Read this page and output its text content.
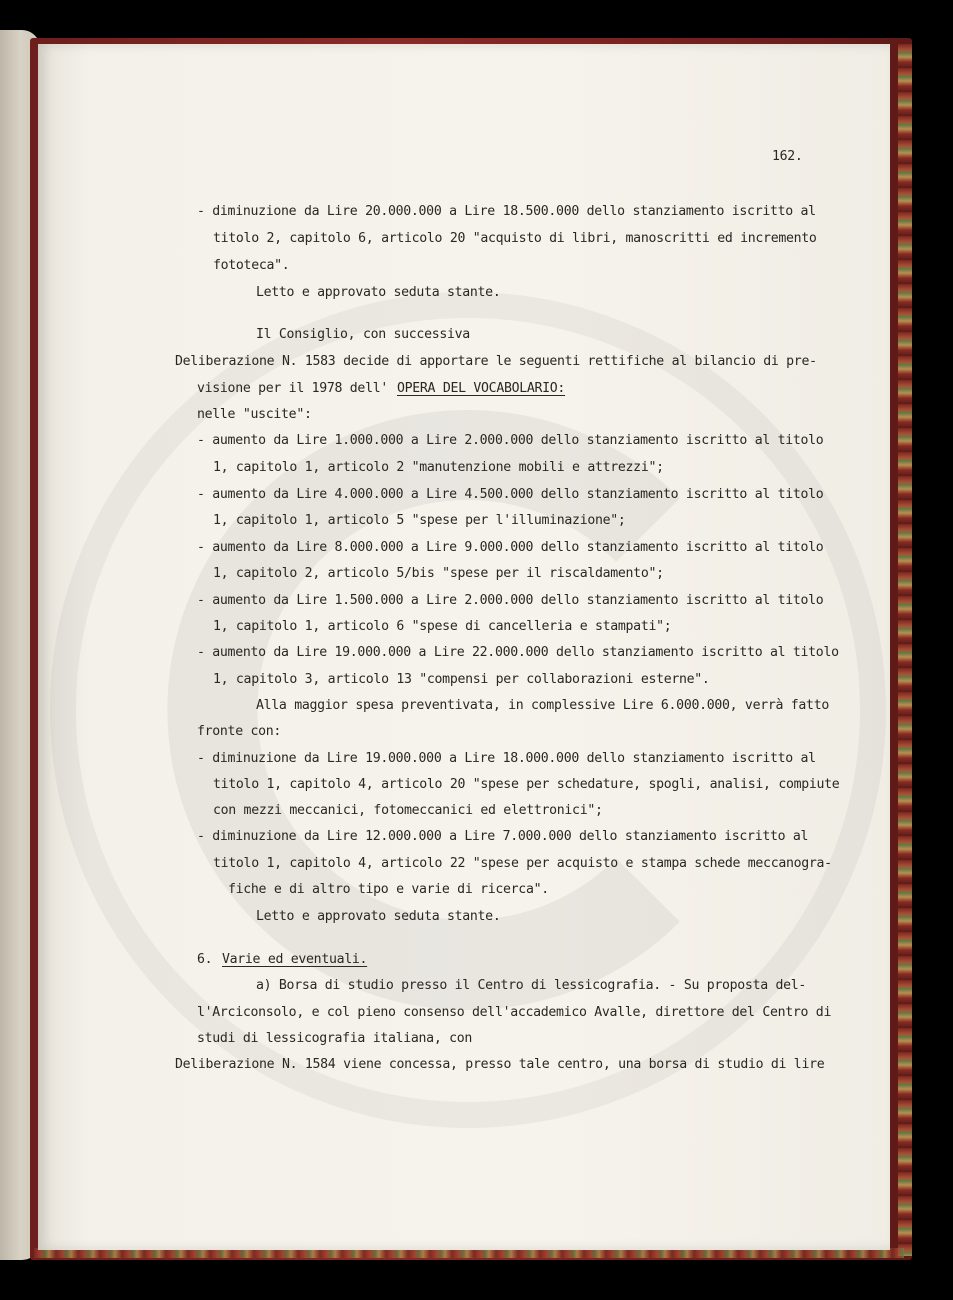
162.
- diminuzione da Lire 20.000.000 a Lire 18.500.000 dello stanziamento iscritto al
titolo 2, capitolo 6, articolo 20 "acquisto di libri, manoscritti ed incremento
fototeca".
Letto e approvato seduta stante.
Il Consiglio, con successiva
Deliberazione N. 1583 decide di apportare le seguenti rettifiche al bilancio di pre-
visione per il 1978 dell' OPERA DEL VOCABOLARIO:
nelle "uscite":
- aumento da Lire 1.000.000 a Lire 2.000.000 dello stanziamento iscritto al titolo
1, capitolo 1, articolo 2 "manutenzione mobili e attrezzi";
- aumento da Lire 4.000.000 a Lire 4.500.000 dello stanziamento iscritto al titolo
1, capitolo 1, articolo 5 "spese per l'illuminazione";
- aumento da Lire 8.000.000 a Lire 9.000.000 dello stanziamento iscritto al titolo
1, capitolo 2, articolo 5/bis "spese per il riscaldamento";
- aumento da Lire 1.500.000 a Lire 2.000.000 dello stanziamento iscritto al titolo
1, capitolo 1, articolo 6 "spese di cancelleria e stampati";
- aumento da Lire 19.000.000 a Lire 22.000.000 dello stanziamento iscritto al titolo
1, capitolo 3, articolo 13 "compensi per collaborazioni esterne".
Alla maggior spesa preventivata, in complessive Lire 6.000.000, verrà fatto
fronte con:
- diminuzione da Lire 19.000.000 a Lire 18.000.000 dello stanziamento iscritto al
titolo 1, capitolo 4, articolo 20 "spese per schedature, spogli, analisi, compiute
con mezzi meccanici, fotomeccanici ed elettronici";
- diminuzione da Lire 12.000.000 a Lire 7.000.000 dello stanziamento iscritto al
titolo 1, capitolo 4, articolo 22 "spese per acquisto e stampa schede meccanogra-
fiche e di altro tipo e varie di ricerca".
Letto e approvato seduta stante.
6. Varie ed eventuali.
a) Borsa di studio presso il Centro di lessicografia. - Su proposta del-
l'Arciconsolo, e col pieno consenso dell'accademico Avalle, direttore del Centro di
studi di lessicografia italiana, con
Deliberazione N. 1584 viene concessa, presso tale centro, una borsa di studio di lire
